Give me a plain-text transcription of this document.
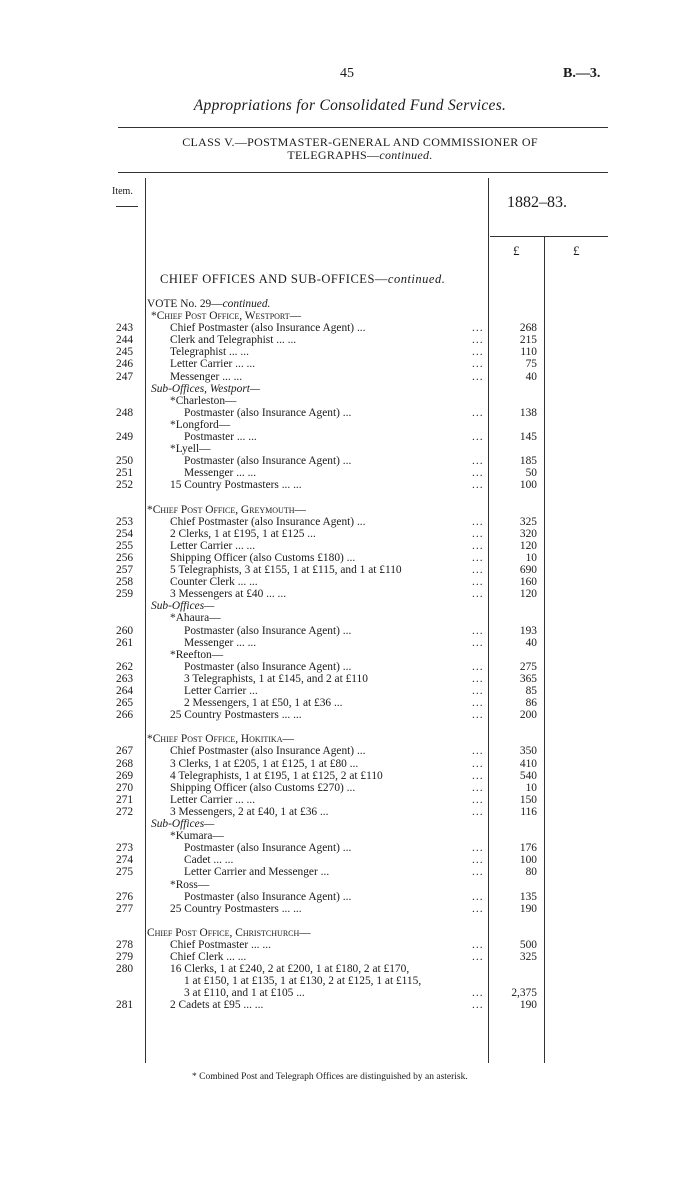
45	B.—3.
Appropriations for Consolidated Fund Services.
CLASS V.—POSTMASTER-GENERAL AND COMMISSIONER OF
TELEGRAPHS—continued.
Item.
1882–83.
£	£
CHIEF OFFICES AND SUB-OFFICES—continued.
VOTE No. 29—continued.
*Chief Post Office, Westport—
243	Chief Postmaster (also Insurance Agent) ...	...	268
244	Clerk and Telegraphist ... ...	...	215
245	Telegraphist ... ...	...	110
246	Letter Carrier ... ...	...	75
247	Messenger ... ...	...	40
Sub-Offices, Westport—
*Charleston—
248	Postmaster (also Insurance Agent) ...	...	138
*Longford—
249	Postmaster ... ...	...	145
*Lyell—
250	Postmaster (also Insurance Agent) ...	...	185
251	Messenger ... ...	...	50
252	15 Country Postmasters ... ...	...	100
*Chief Post Office, Greymouth—
253	Chief Postmaster (also Insurance Agent) ...	...	325
254	2 Clerks, 1 at £195, 1 at £125 ...	...	320
255	Letter Carrier ... ...	...	120
256	Shipping Officer (also Customs £180) ...	...	10
257	5 Telegraphists, 3 at £155, 1 at £115, and 1 at £110	...	690
258	Counter Clerk ... ...	...	160
259	3 Messengers at £40 ... ...	...	120
Sub-Offices—
*Ahaura—
260	Postmaster (also Insurance Agent) ...	...	193
261	Messenger ... ...	...	40
*Reefton—
262	Postmaster (also Insurance Agent) ...	...	275
263	3 Telegraphists, 1 at £145, and 2 at £110	...	365
264	Letter Carrier ...	...	85
265	2 Messengers, 1 at £50, 1 at £36 ...	...	86
266	25 Country Postmasters ... ...	...	200
*Chief Post Office, Hokitika—
267	Chief Postmaster (also Insurance Agent) ...	...	350
268	3 Clerks, 1 at £205, 1 at £125, 1 at £80 ...	...	410
269	4 Telegraphists, 1 at £195, 1 at £125, 2 at £110	...	540
270	Shipping Officer (also Customs £270) ...	...	10
271	Letter Carrier ... ...	...	150
272	3 Messengers, 2 at £40, 1 at £36 ...	...	116
Sub-Offices—
*Kumara—
273	Postmaster (also Insurance Agent) ...	...	176
274	Cadet ... ...	...	100
275	Letter Carrier and Messenger ...	...	80
*Ross—
276	Postmaster (also Insurance Agent) ...	...	135
277	25 Country Postmasters ... ...	...	190
Chief Post Office, Christchurch—
278	Chief Postmaster ... ...	...	500
279	Chief Clerk ... ...	...	325
280	16 Clerks, 1 at £240, 2 at £200, 1 at £180, 2 at £170,
1 at £150, 1 at £135, 1 at £130, 2 at £125, 1 at £115,
3 at £110, and 1 at £105 ...	...	2,375
281	2 Cadets at £95 ... ...	...	190
* Combined Post and Telegraph Offices are distinguished by an asterisk.
